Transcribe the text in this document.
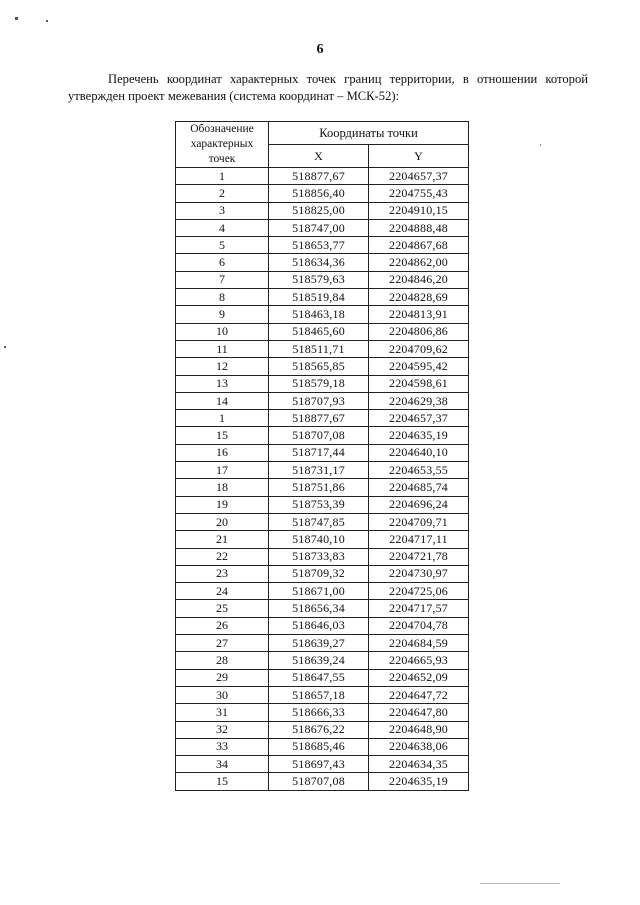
6

Перечень координат характерных точек границ территории, в отношении которой утвержден проект межевания (система координат – МСК-52):

Обозначение характерных точек	Координаты точки	
	X	Y
1	518877,67	2204657,37
2	518856,40	2204755,43
3	518825,00	2204910,15
4	518747,00	2204888,48
5	518653,77	2204867,68
6	518634,36	2204862,00
7	518579,63	2204846,20
8	518519,84	2204828,69
9	518463,18	2204813,91
10	518465,60	2204806,86
11	518511,71	2204709,62
12	518565,85	2204595,42
13	518579,18	2204598,61
14	518707,93	2204629,38
1	518877,67	2204657,37
15	518707,08	2204635,19
16	518717,44	2204640,10
17	518731,17	2204653,55
18	518751,86	2204685,74
19	518753,39	2204696,24
20	518747,85	2204709,71
21	518740,10	2204717,11
22	518733,83	2204721,78
23	518709,32	2204730,97
24	518671,00	2204725,06
25	518656,34	2204717,57
26	518646,03	2204704,78
27	518639,27	2204684,59
28	518639,24	2204665,93
29	518647,55	2204652,09
30	518657,18	2204647,72
31	518666,33	2204647,80
32	518676,22	2204648,90
33	518685,46	2204638,06
34	518697,43	2204634,35
15	518707,08	2204635,19
